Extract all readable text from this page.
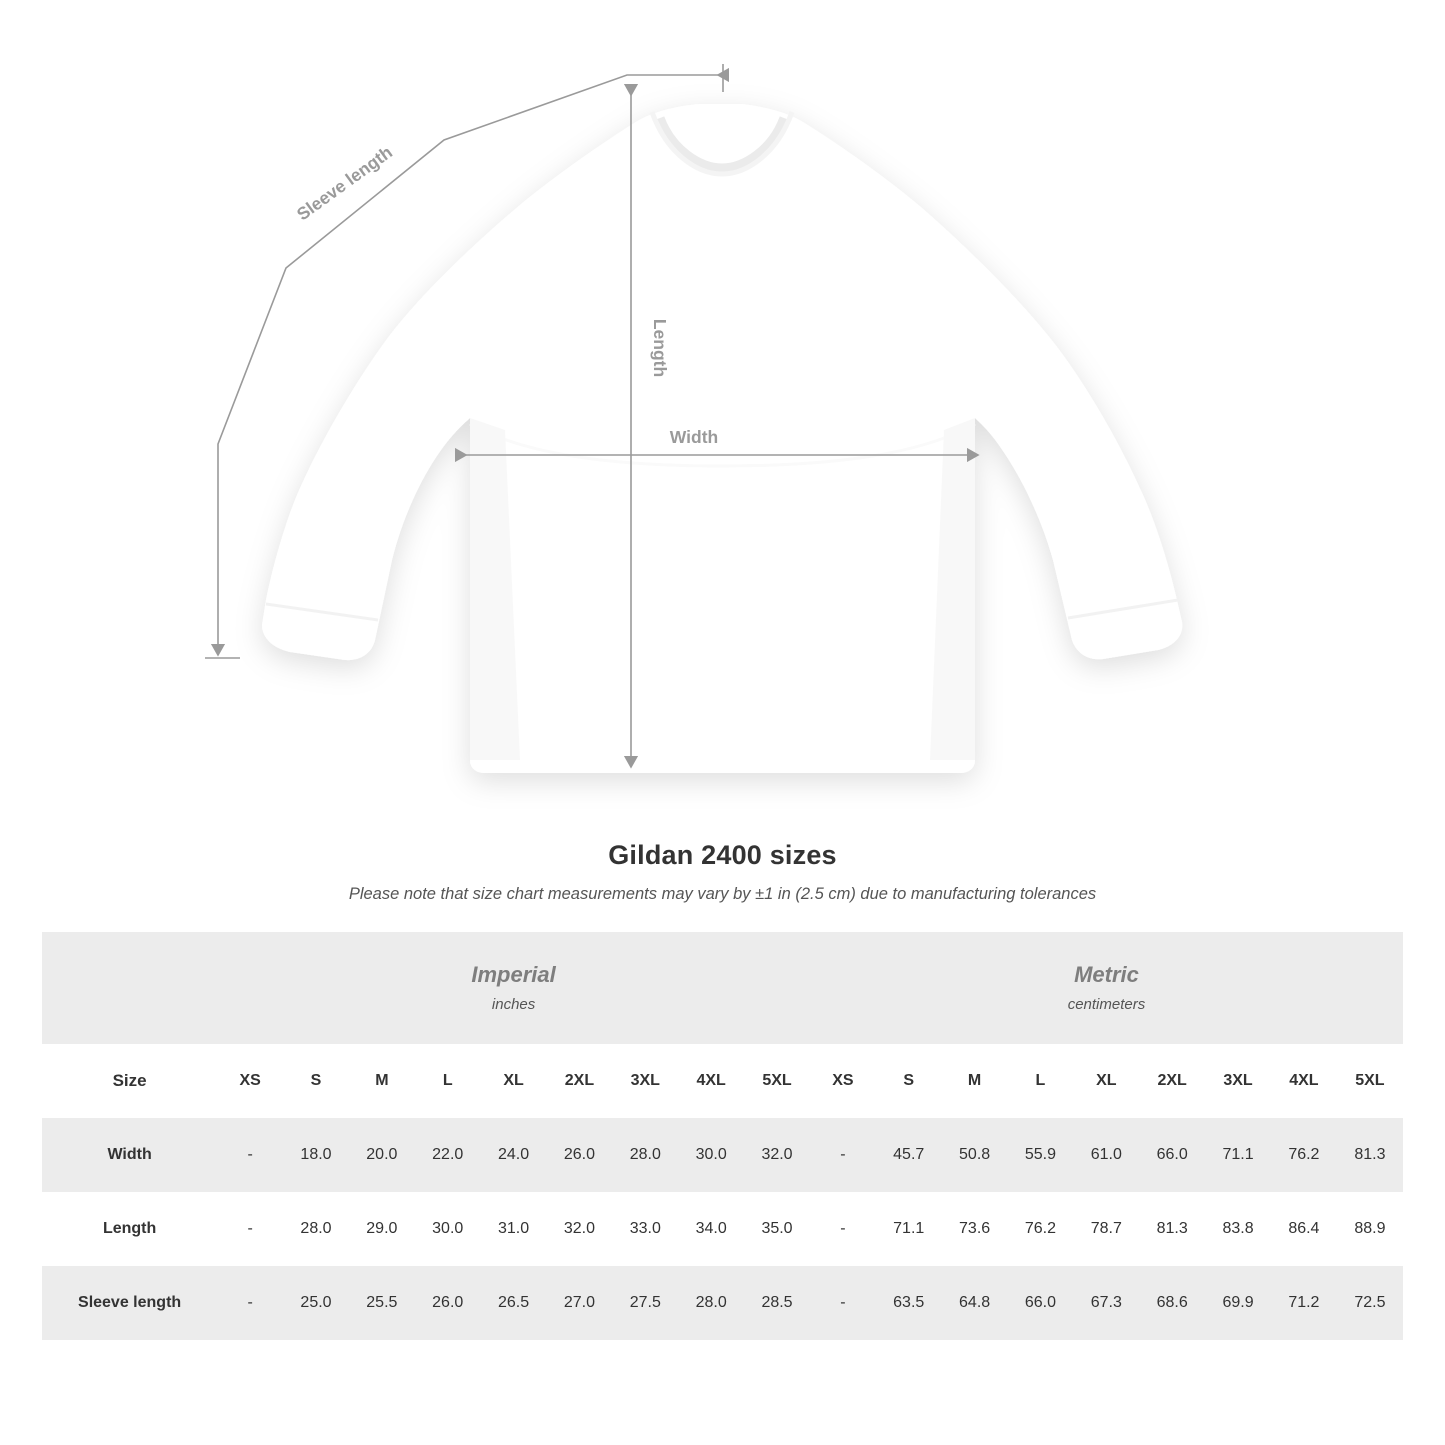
Sleeve length
Length
Width
Gildan 2400 sizes
Please note that size chart measurements may vary by ±1 in (2.5 cm) due to manufacturing tolerances

Imperial
inches

Metric
centimeters

Size	XS	S	M	L	XL	2XL	3XL	4XL	5XL	XS	S	M	L	XL	2XL	3XL	4XL	5XL
Width	-	18.0	20.0	22.0	24.0	26.0	28.0	30.0	32.0	-	45.7	50.8	55.9	61.0	66.0	71.1	76.2	81.3
Length	-	28.0	29.0	30.0	31.0	32.0	33.0	34.0	35.0	-	71.1	73.6	76.2	78.7	81.3	83.8	86.4	88.9
Sleeve length	-	25.0	25.5	26.0	26.5	27.0	27.5	28.0	28.5	-	63.5	64.8	66.0	67.3	68.6	69.9	71.2	72.5
